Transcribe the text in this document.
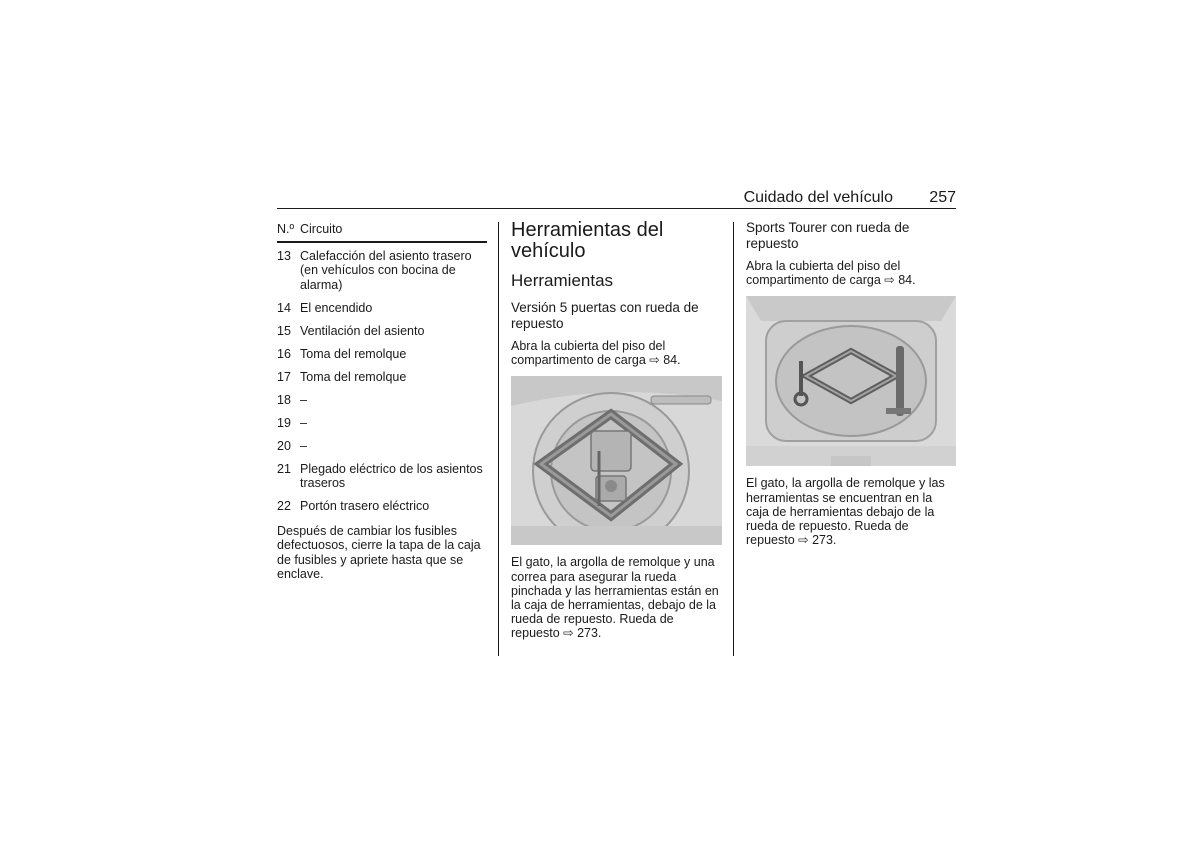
Cuidado del vehículo 257
N.º Circuito
13 Calefacción del asiento trasero (en vehículos con bocina de alarma)
14 El encendido
15 Ventilación del asiento
16 Toma del remolque
17 Toma del remolque
18 –
19 –
20 –
21 Plegado eléctrico de los asientos traseros
22 Portón trasero eléctrico
Después de cambiar los fusibles defectuosos, cierre la tapa de la caja de fusibles y apriete hasta que se enclave.
Herramientas del vehículo
Herramientas
Versión 5 puertas con rueda de repuesto
Abra la cubierta del piso del compartimento de carga ⇨ 84.
El gato, la argolla de remolque y una correa para asegurar la rueda pinchada y las herramientas están en la caja de herramientas, debajo de la rueda de repuesto. Rueda de repuesto ⇨ 273.
Sports Tourer con rueda de repuesto
Abra la cubierta del piso del compartimento de carga ⇨ 84.
El gato, la argolla de remolque y las herramientas se encuentran en la caja de herramientas debajo de la rueda de repuesto. Rueda de repuesto ⇨ 273.
